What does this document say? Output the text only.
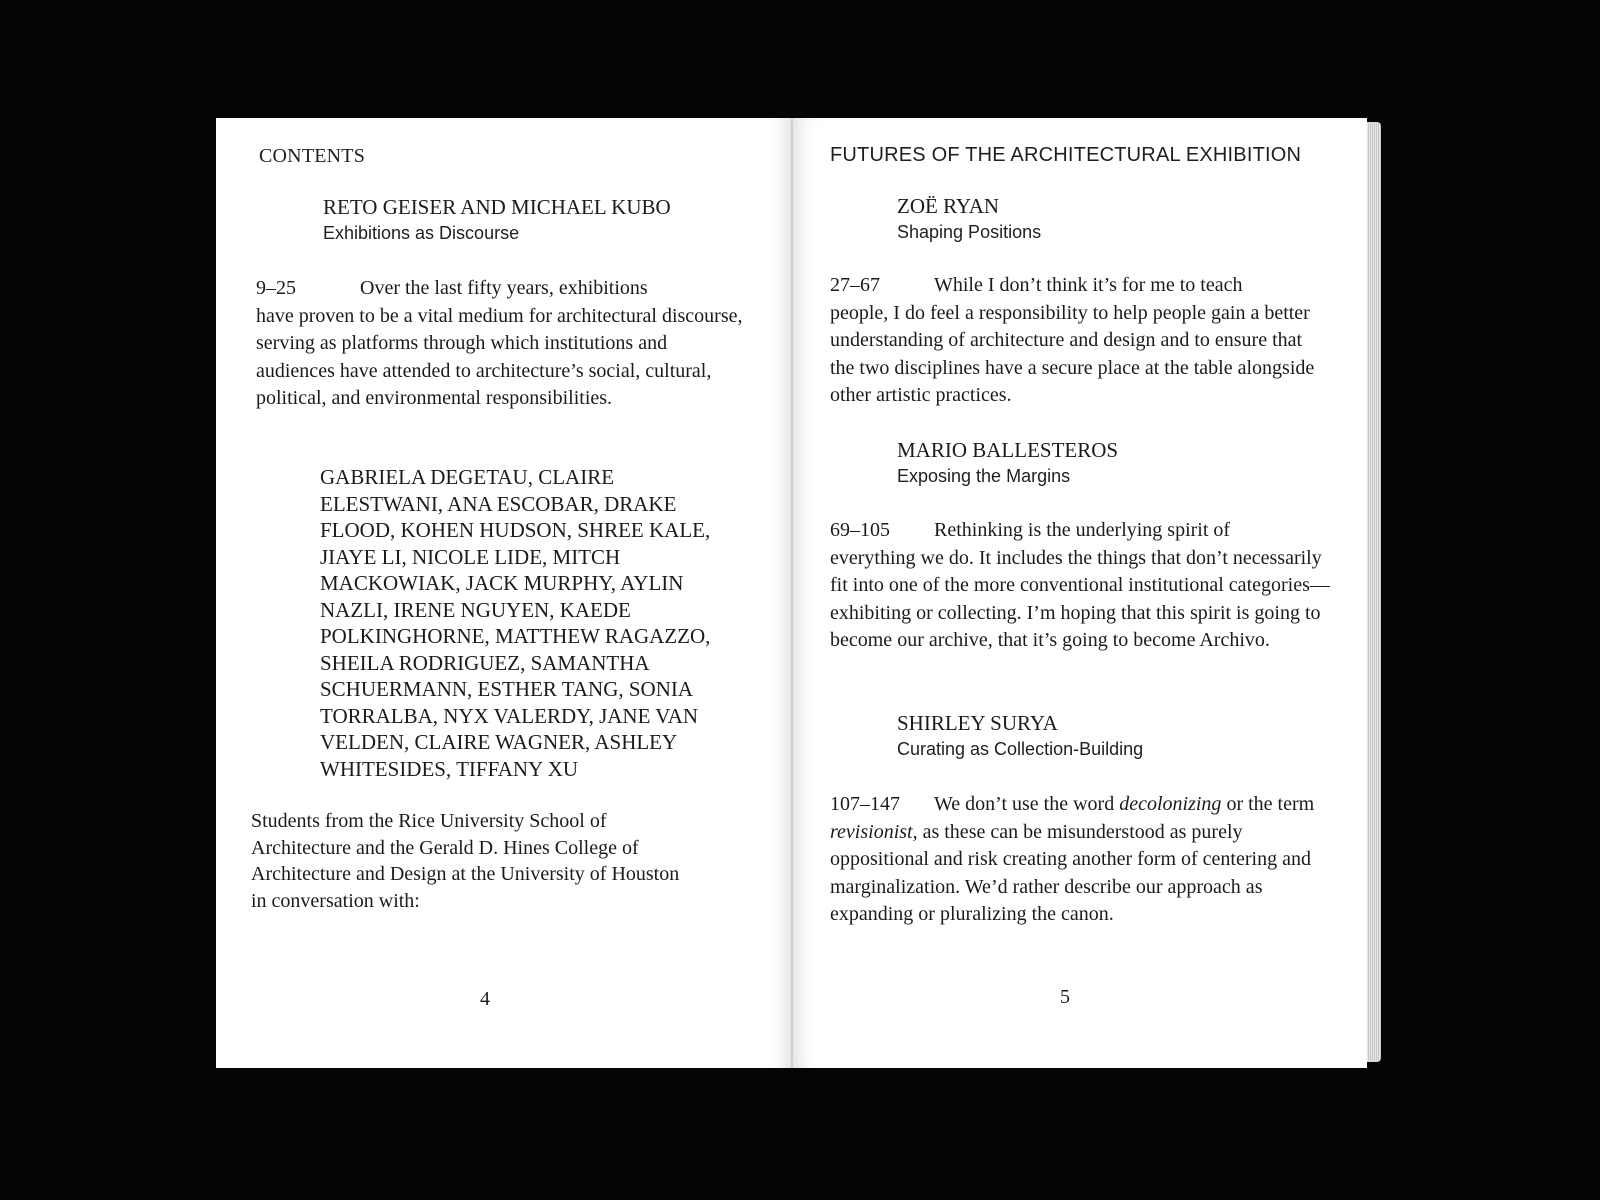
CONTENTS
RETO GEISER AND MICHAEL KUBO
Exhibitions as Discourse
9–25	Over the last fifty years, exhibitions
have proven to be a vital medium for architectural discourse, serving as platforms through which institutions and audiences have attended to architecture’s social, cultural, political, and environmental responsibilities.
GABRIELA DEGETAU, CLAIRE ELESTWANI, ANA ESCOBAR, DRAKE FLOOD, KOHEN HUDSON, SHREE KALE, JIAYE LI, NICOLE LIDE, MITCH MACKOWIAK, JACK MURPHY, AYLIN NAZLI, IRENE NGUYEN, KAEDE POLKINGHORNE, MATTHEW RAGAZZO, SHEILA RODRIGUEZ, SAMANTHA SCHUERMANN, ESTHER TANG, SONIA TORRALBA, NYX VALERDY, JANE VAN VELDEN, CLAIRE WAGNER, ASHLEY WHITESIDES, TIFFANY XU
Students from the Rice University School of Architecture and the Gerald D. Hines College of Architecture and Design at the University of Houston in conversation with:
4
FUTURES OF THE ARCHITECTURAL EXHIBITION
ZOË RYAN
Shaping Positions
27–67	While I don’t think it’s for me to teach
people, I do feel a responsibility to help people gain a better understanding of architecture and design and to ensure that the two disciplines have a secure place at the table alongside other artistic practices.
MARIO BALLESTEROS
Exposing the Margins
69–105 Rethinking is the underlying spirit of
everything we do. It includes the things that don’t necessarily fit into one of the more conventional institutional categories—exhibiting or collecting. I’m hoping that this spirit is going to become our archive, that it’s going to become Archivo.
SHIRLEY SURYA
Curating as Collection-Building
107–147 We don’t use the word decolonizing or the term revisionist, as these can be misunderstood as purely oppositional and risk creating another form of centering and marginalization. We’d rather describe our approach as expanding or pluralizing the canon.
5
